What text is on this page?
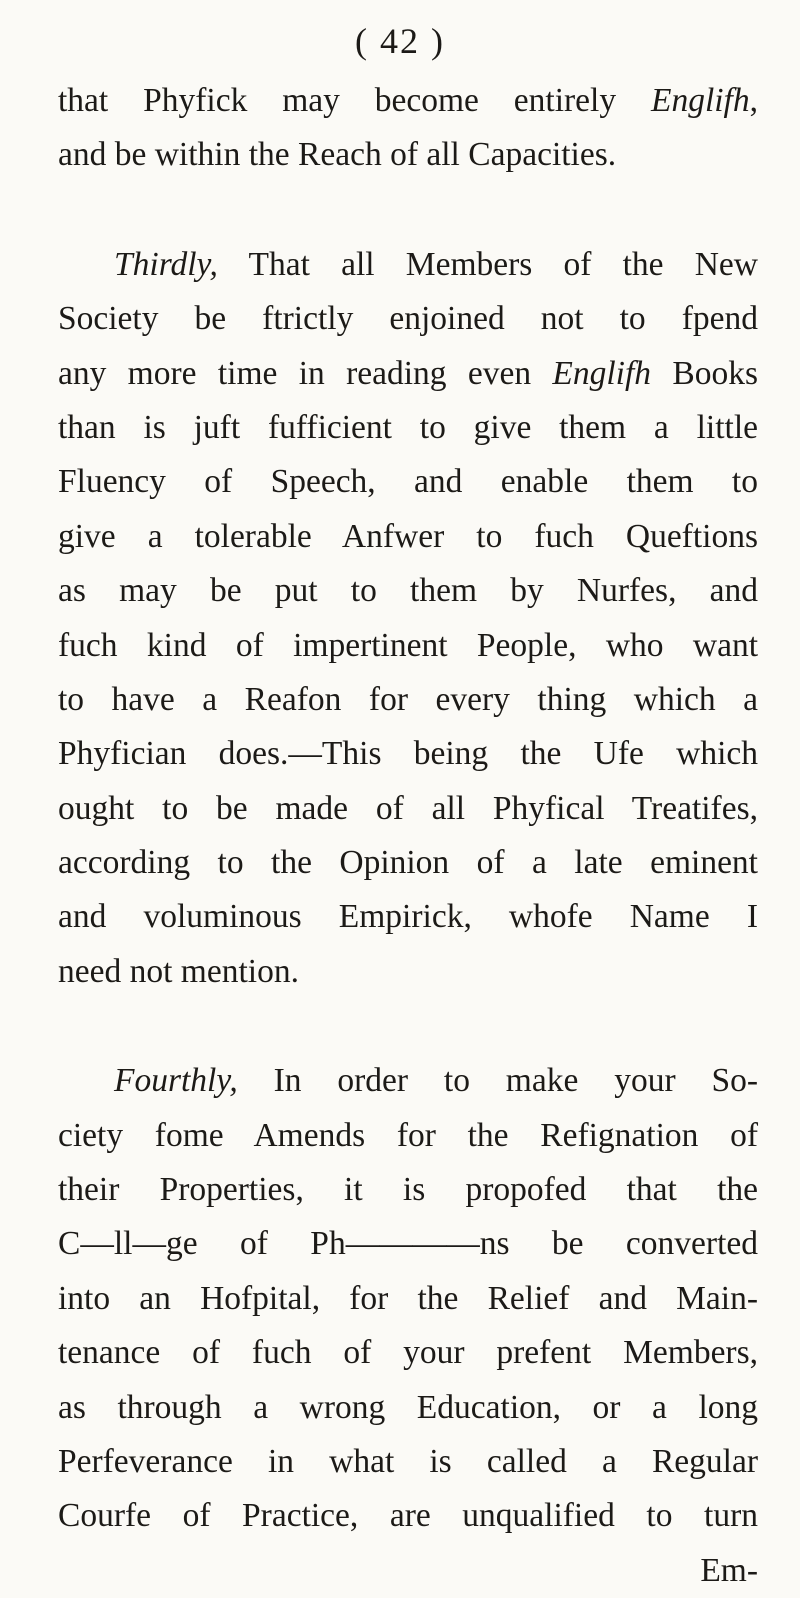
( 42 )
that Phyfick may become entirely Englifh,
and be within the Reach of all Capacities.
Thirdly, That all Members of the New
Society be ftrictly enjoined not to fpend
any more time in reading even Englifh Books
than is juft fufficient to give them a little
Fluency of Speech, and enable them to
give a tolerable Anfwer to fuch Queftions
as may be put to them by Nurfes, and
fuch kind of impertinent People, who want
to have a Reafon for every thing which a
Phyfician does.—This being the Ufe which
ought to be made of all Phyfical Treatifes,
according to the Opinion of a late eminent
and voluminous Empirick, whofe Name I
need not mention.
Fourthly, In order to make your So-
ciety fome Amends for the Refignation of
their Properties, it is propofed that the
C—ll—ge of Ph————ns be converted
into an Hofpital, for the Relief and Main-
tenance of fuch of your prefent Members,
as through a wrong Education, or a long
Perfeverance in what is called a Regular
Courfe of Practice, are unqualified to turn
Em-
